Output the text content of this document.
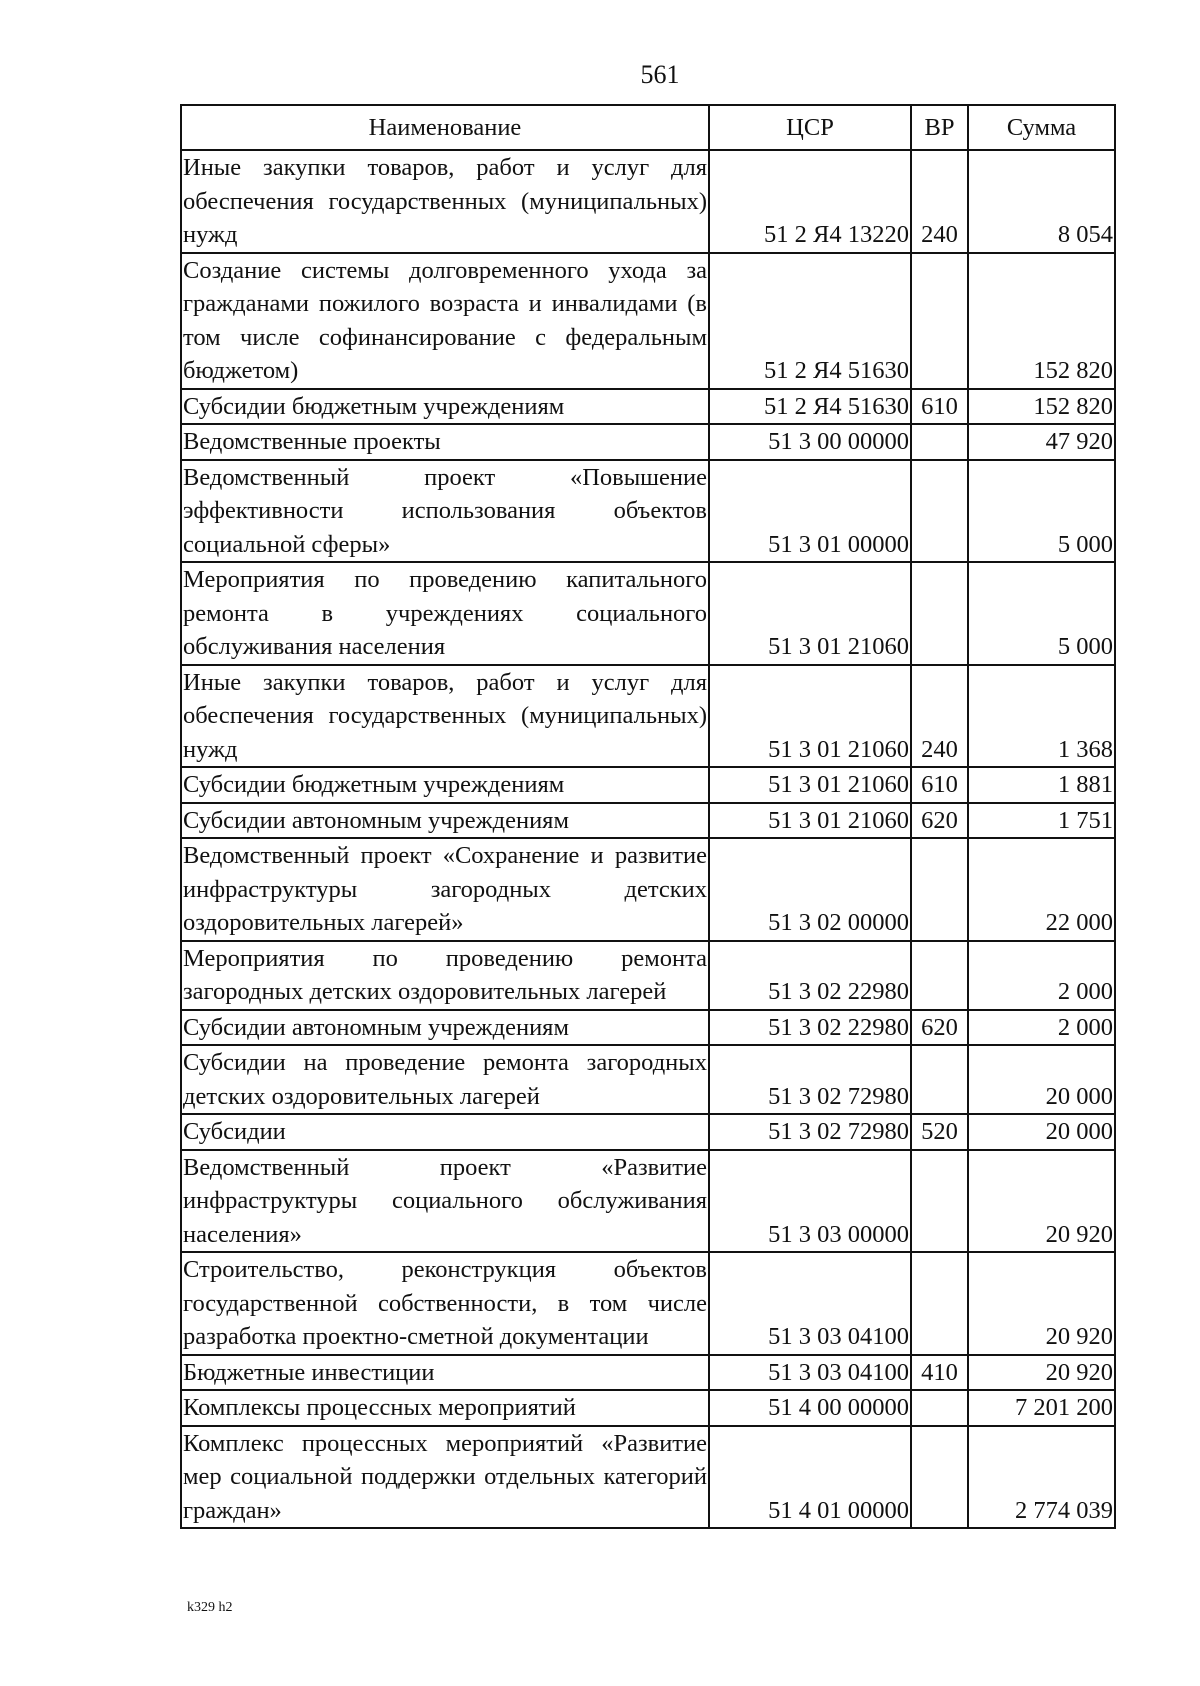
561
Наименование	ЦСР	ВР	Сумма
Иные закупки товаров, работ и услуг для обеспечения государственных (муниципальных) нужд	51 2 Я4 13220	240	8 054
Создание системы долговременного ухода за гражданами пожилого возраста и инвалидами (в том числе софинансирование с федеральным бюджетом)	51 2 Я4 51630		152 820
Субсидии бюджетным учреждениям	51 2 Я4 51630	610	152 820
Ведомственные проекты	51 3 00 00000		47 920
Ведомственный проект «Повышение эффективности использования объектов социальной сферы»	51 3 01 00000		5 000
Мероприятия по проведению капитального ремонта в учреждениях социального обслуживания населения	51 3 01 21060		5 000
Иные закупки товаров, работ и услуг для обеспечения государственных (муниципальных) нужд	51 3 01 21060	240	1 368
Субсидии бюджетным учреждениям	51 3 01 21060	610	1 881
Субсидии автономным учреждениям	51 3 01 21060	620	1 751
Ведомственный проект «Сохранение и развитие инфраструктуры загородных детских оздоровительных лагерей»	51 3 02 00000		22 000
Мероприятия по проведению ремонта загородных детских оздоровительных лагерей	51 3 02 22980		2 000
Субсидии автономным учреждениям	51 3 02 22980	620	2 000
Субсидии на проведение ремонта загородных детских оздоровительных лагерей	51 3 02 72980		20 000
Субсидии	51 3 02 72980	520	20 000
Ведомственный проект «Развитие инфраструктуры социального обслуживания населения»	51 3 03 00000		20 920
Строительство, реконструкция объектов государственной собственности, в том числе разработка проектно-сметной документации	51 3 03 04100		20 920
Бюджетные инвестиции	51 3 03 04100	410	20 920
Комплексы процессных мероприятий	51 4 00 00000		7 201 200
Комплекс процессных мероприятий «Развитие мер социальной поддержки отдельных категорий граждан»	51 4 01 00000		2 774 039
k329 h2
